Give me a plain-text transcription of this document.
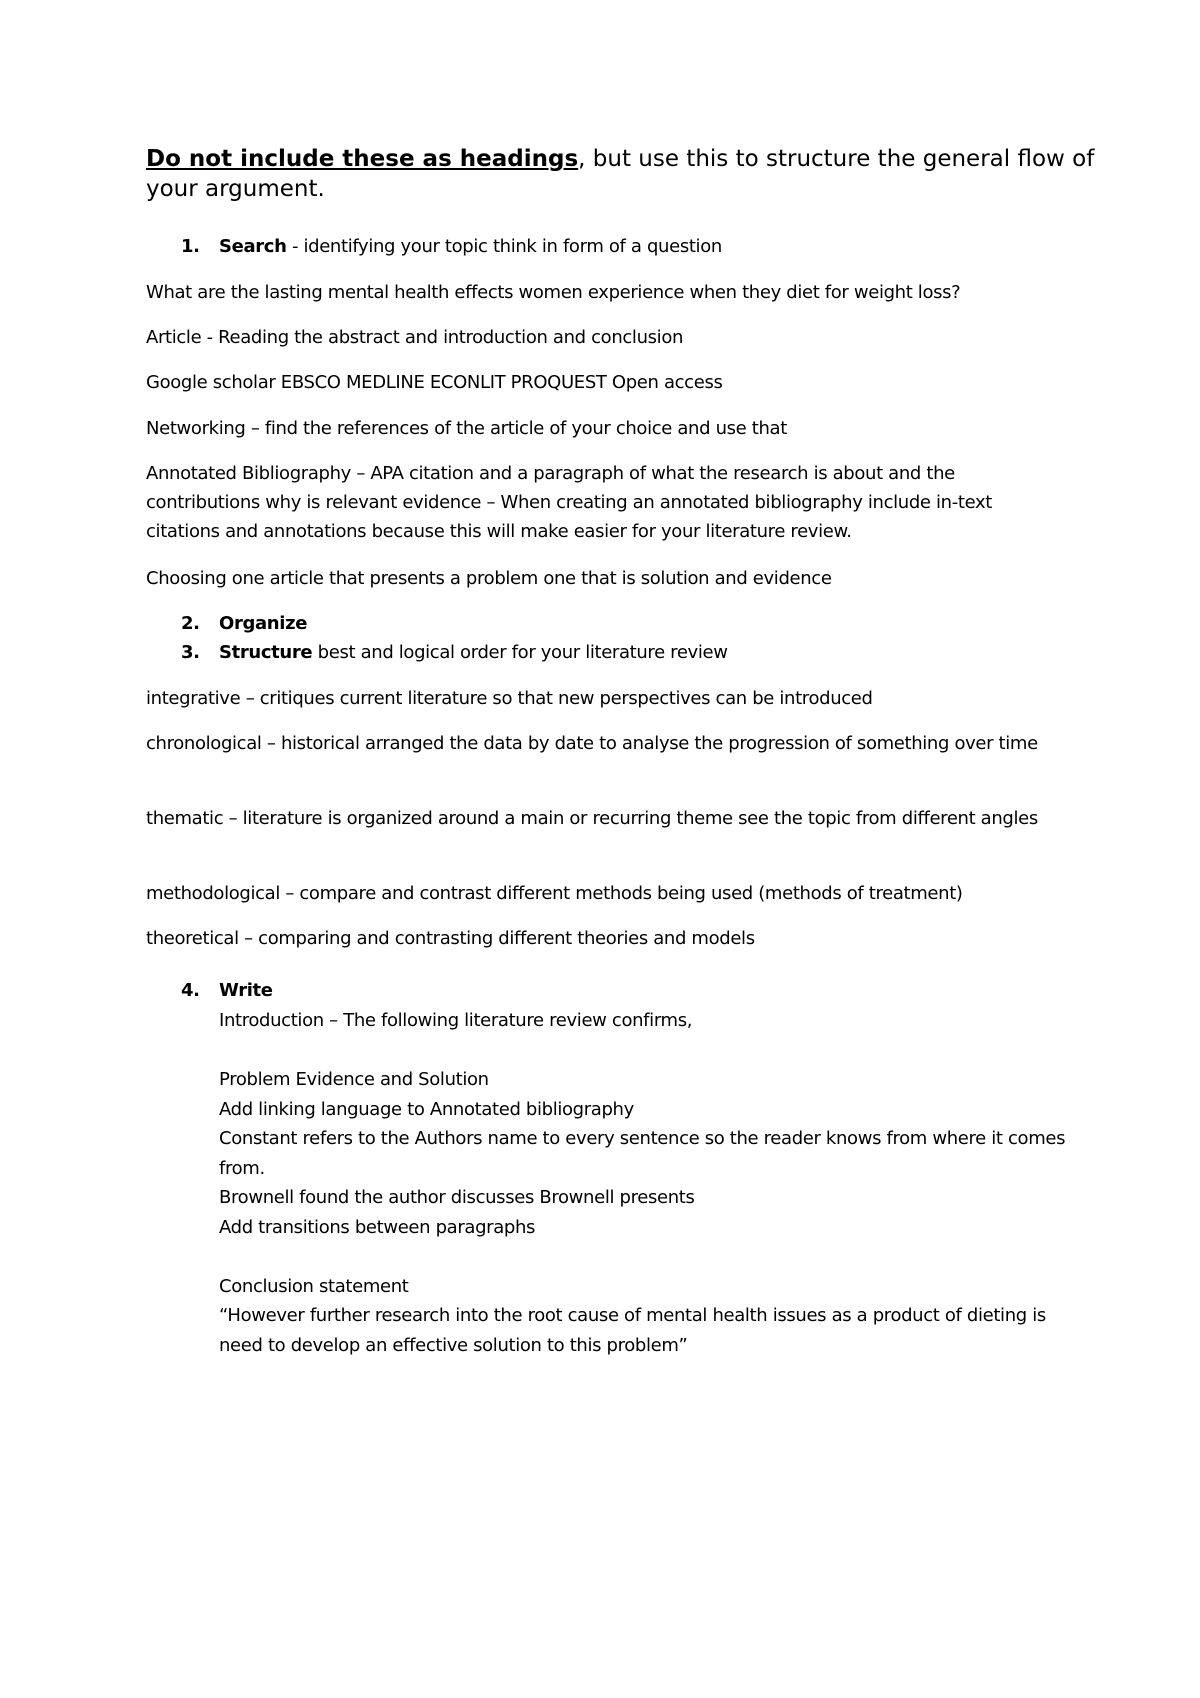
Do not include these as headings, but use this to structure the general flow of your argument.
1. Search - identifying your topic think in form of a question
What are the lasting mental health effects women experience when they diet for weight loss?
Article - Reading the abstract and introduction and conclusion
Google scholar EBSCO MEDLINE ECONLIT PROQUEST Open access
Networking – find the references of the article of your choice and use that
Annotated Bibliography – APA citation and a paragraph of what the research is about and the contributions why is relevant evidence – When creating an annotated bibliography include in-text citations and annotations because this will make easier for your literature review.
Choosing one article that presents a problem one that is solution and evidence
2. Organize
3. Structure best and logical order for your literature review
integrative – critiques current literature so that new perspectives can be introduced
chronological – historical arranged the data by date to analyse the progression of something over time
thematic – literature is organized around a main or recurring theme see the topic from different angles
methodological – compare and contrast different methods being used (methods of treatment)
theoretical – comparing and contrasting different theories and models
4. Write
Introduction – The following literature review confirms,
Problem Evidence and Solution
Add linking language to Annotated bibliography
Constant refers to the Authors name to every sentence so the reader knows from where it comes from.
Brownell found the author discusses Brownell presents
Add transitions between paragraphs
Conclusion statement
“However further research into the root cause of mental health issues as a product of dieting is need to develop an effective solution to this problem”
